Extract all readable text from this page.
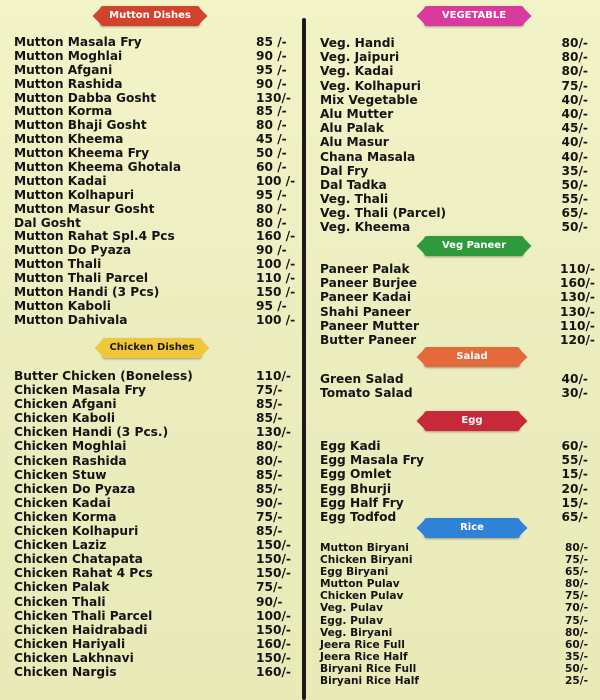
Mutton Dishes
Mutton Masala Fry	85 /-
Mutton Moghlai	90 /-
Mutton Afgani	95 /-
Mutton Rashida	90 /-
Mutton Dabba Gosht	130/-
Mutton Korma	85 /-
Mutton Bhaji Gosht	80 /-
Mutton Kheema	45 /-
Mutton Kheema Fry	50 /-
Mutton Kheema Ghotala	60 /-
Mutton Kadai	100 /-
Mutton Kolhapuri	95 /-
Mutton Masur Gosht	80 /-
Dal Gosht	80 /-
Mutton Rahat Spl.4 Pcs	160 /-
Mutton Do Pyaza	90 /-
Mutton Thali	100 /-
Mutton Thali Parcel	110 /-
Mutton Handi (3 Pcs)	150 /-
Mutton Kaboli	95 /-
Mutton Dahivala	100 /-
Chicken Dishes
Butter Chicken (Boneless)	110/-
Chicken Masala Fry	75/-
Chicken Afgani	85/-
Chicken Kaboli	85/-
Chicken Handi (3 Pcs.)	130/-
Chicken Moghlai	80/-
Chicken Rashida	80/-
Chicken Stuw	85/-
Chicken Do Pyaza	85/-
Chicken Kadai	90/-
Chicken Korma	75/-
Chicken Kolhapuri	85/-
Chicken Laziz	150/-
Chicken Chatapata	150/-
Chicken Rahat 4 Pcs	150/-
Chicken Palak	75/-
Chicken Thali	90/-
Chicken Thali Parcel	100/-
Chicken Haidrabadi	150/-
Chicken Hariyali	160/-
Chicken Lakhnavi	150/-
Chicken Nargis	160/-
VEGETABLE
Veg. Handi	80/-
Veg. Jaipuri	80/-
Veg. Kadai	80/-
Veg. Kolhapuri	75/-
Mix Vegetable	40/-
Alu Mutter	40/-
Alu Palak	45/-
Alu Masur	40/-
Chana Masala	40/-
Dal Fry	35/-
Dal Tadka	50/-
Veg. Thali	55/-
Veg. Thali (Parcel)	65/-
Veg. Kheema	50/-
Veg Paneer
Paneer Palak	110/-
Paneer Burjee	160/-
Paneer Kadai	130/-
Shahi Paneer	130/-
Paneer Mutter	110/-
Butter Paneer	120/-
Salad
Green Salad	40/-
Tomato Salad	30/-
Egg
Egg Kadi	60/-
Egg Masala Fry	55/-
Egg Omlet	15/-
Egg Bhurji	20/-
Egg Half Fry	15/-
Egg Todfod	65/-
Rice
Mutton Biryani	80/-
Chicken Biryani	75/-
Egg Biryani	65/-
Mutton Pulav	80/-
Chicken Pulav	75/-
Veg. Pulav	70/-
Egg. Pulav	75/-
Veg. Biryani	80/-
Jeera Rice Full	60/-
Jeera Rice Half	35/-
Biryani Rice Full	50/-
Biryani Rice Half	25/-
